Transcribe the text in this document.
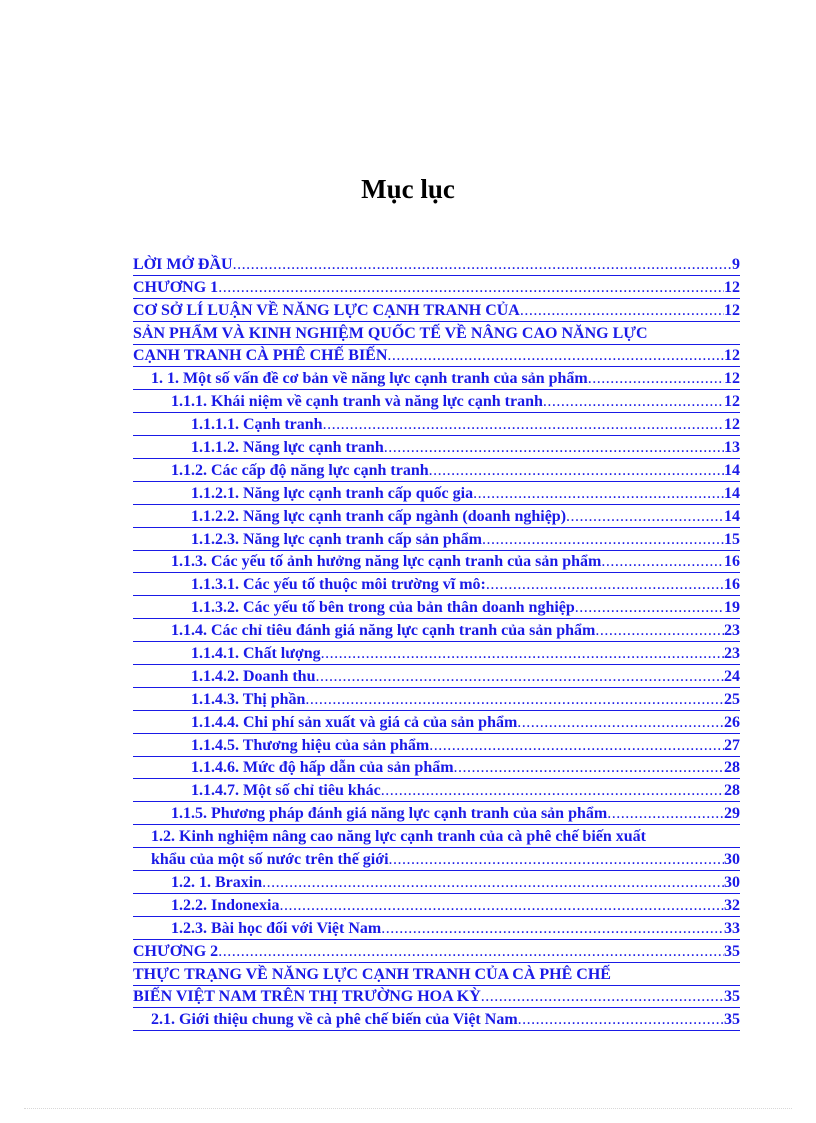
Mục lục
LỜI MỞ ĐẦU .....	9
CHƯƠNG 1 .....	12
CƠ SỞ LÍ LUẬN VỀ NĂNG LỰC CẠNH TRANH CỦA .....	12
SẢN PHẨM VÀ KINH NGHIỆM QUỐC TẾ VỀ NÂNG CAO NĂNG LỰC
CẠNH TRANH CÀ PHÊ CHẾ BIẾN .....	12
1. 1. Một số vấn đề cơ bản về năng lực cạnh tranh của sản phẩm .....	12
1.1.1. Khái niệm về cạnh tranh và năng lực cạnh tranh .....	12
1.1.1.1. Cạnh tranh .....	12
1.1.1.2. Năng lực cạnh tranh .....	13
1.1.2. Các cấp độ năng lực cạnh tranh .....	14
1.1.2.1. Năng lực cạnh tranh cấp quốc gia .....	14
1.1.2.2. Năng lực cạnh tranh cấp ngành (doanh nghiệp) .....	14
1.1.2.3. Năng lực cạnh tranh cấp sản phẩm .....	15
1.1.3. Các yếu tố ảnh hưởng năng lực cạnh tranh của sản phẩm .....	16
1.1.3.1. Các yếu tố thuộc môi trường vĩ mô: .....	16
1.1.3.2. Các yếu tố bên trong của bản thân doanh nghiệp .....	19
1.1.4. Các chỉ tiêu đánh giá năng lực cạnh tranh của sản phẩm .....	23
1.1.4.1. Chất lượng .....	23
1.1.4.2. Doanh thu .....	24
1.1.4.3. Thị phần .....	25
1.1.4.4. Chi phí sản xuất và giá cả của sản phẩm .....	26
1.1.4.5. Thương hiệu của sản phẩm .....	27
1.1.4.6. Mức độ hấp dẫn của sản phẩm .....	28
1.1.4.7. Một số chỉ tiêu khác .....	28
1.1.5. Phương pháp đánh giá năng lực cạnh tranh của sản phẩm .....	29
1.2. Kinh nghiệm nâng cao năng lực cạnh tranh của cà phê chế biến xuất
khẩu của một số nước trên thế giới .....	30
1.2. 1. Braxin .....	30
1.2.2. Indonexia .....	32
1.2.3. Bài học đối với Việt Nam .....	33
CHƯƠNG 2 .....	35
THỰC TRẠNG VỀ NĂNG LỰC CẠNH TRANH CỦA CÀ PHÊ CHẾ
BIẾN VIỆT NAM TRÊN THỊ TRƯỜNG HOA KỲ .....	35
2.1. Giới thiệu chung về cà phê chế biến của Việt Nam .....	35
